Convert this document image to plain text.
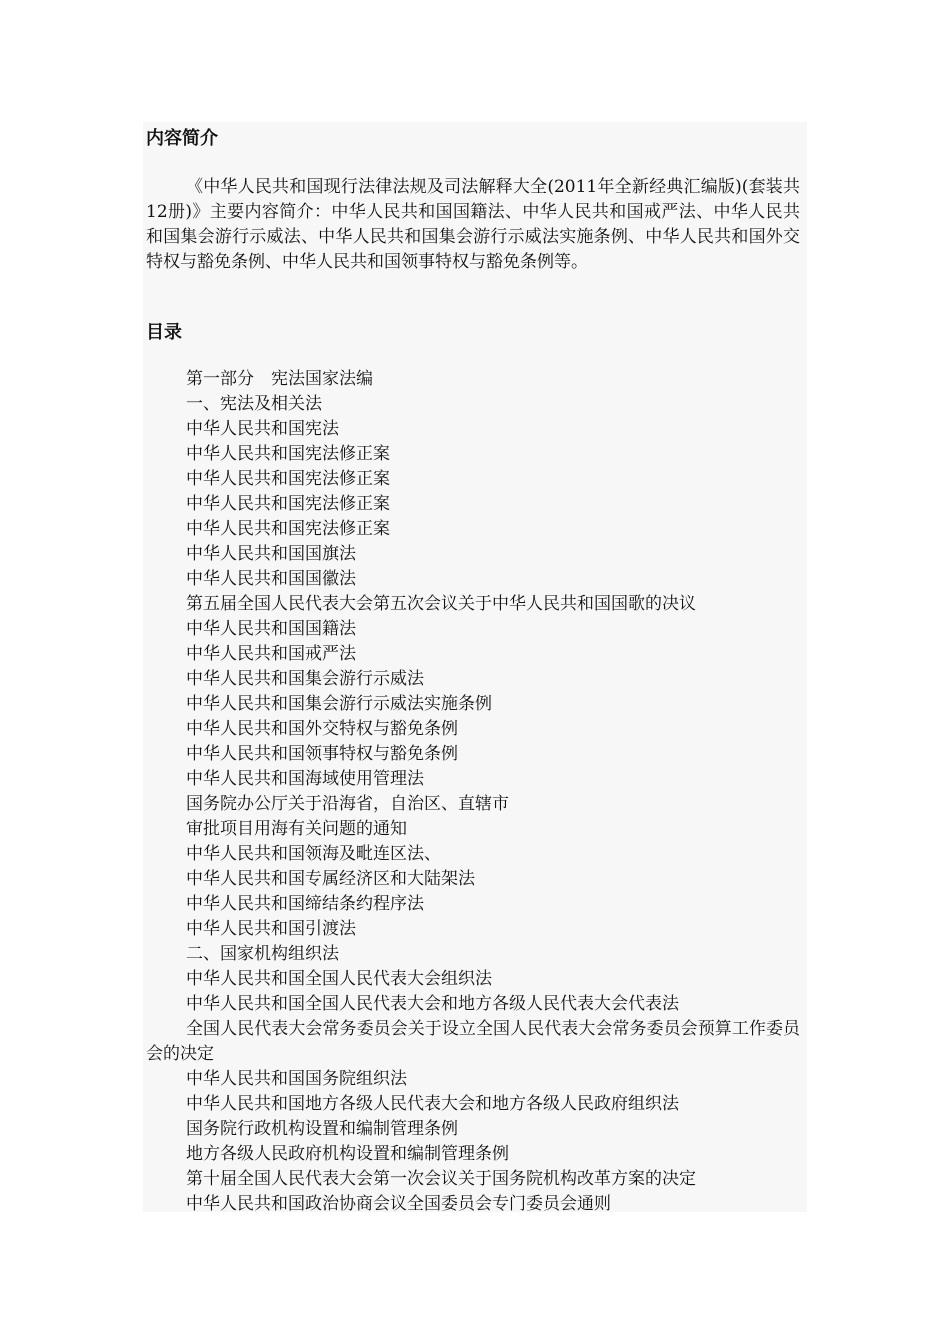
内容简介

《中华人民共和国现行法律法规及司法解释大全(2011年全新经典汇编版)(套装共12册)》主要内容简介：中华人民共和国国籍法、中华人民共和国戒严法、中华人民共和国集会游行示威法、中华人民共和国集会游行示威法实施条例、中华人民共和国外交特权与豁免条例、中华人民共和国领事特权与豁免条例等。

目录
第一部分　宪法国家法编
一、宪法及相关法
中华人民共和国宪法
中华人民共和国宪法修正案
中华人民共和国宪法修正案
中华人民共和国宪法修正案
中华人民共和国宪法修正案
中华人民共和国国旗法
中华人民共和国国徽法
第五届全国人民代表大会第五次会议关于中华人民共和国国歌的决议
中华人民共和国国籍法
中华人民共和国戒严法
中华人民共和国集会游行示威法
中华人民共和国集会游行示威法实施条例
中华人民共和国外交特权与豁免条例
中华人民共和国领事特权与豁免条例
中华人民共和国海域使用管理法
国务院办公厅关于沿海省，自治区、直辖市
审批项目用海有关问题的通知
中华人民共和国领海及毗连区法、
中华人民共和国专属经济区和大陆架法
中华人民共和国缔结条约程序法
中华人民共和国引渡法
二、国家机构组织法
中华人民共和国全国人民代表大会组织法
中华人民共和国全国人民代表大会和地方各级人民代表大会代表法
全国人民代表大会常务委员会关于设立全国人民代表大会常务委员会预算工作委员会的决定
中华人民共和国国务院组织法
中华人民共和国地方各级人民代表大会和地方各级人民政府组织法
国务院行政机构设置和编制管理条例
地方各级人民政府机构设置和编制管理条例
第十届全国人民代表大会第一次会议关于国务院机构改革方案的决定
中华人民共和国政治协商会议全国委员会专门委员会通则
